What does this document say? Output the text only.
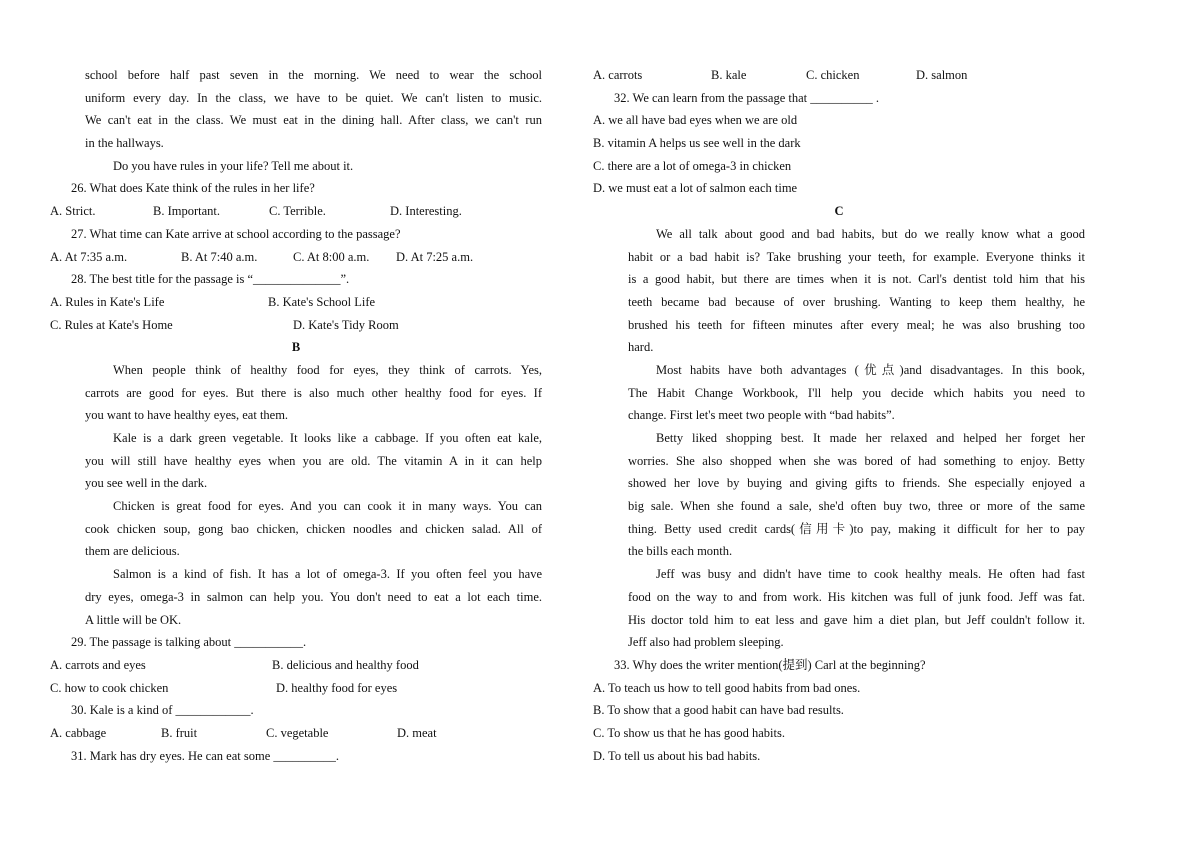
school before half past seven in the morning. We need to wear the school
uniform every day. In the class, we have to be quiet. We can't listen to music.
We can't eat in the class. We must eat in the dining hall. After class, we can't run
in the hallways.
Do you have rules in your life? Tell me about it.
26. What does Kate think of the rules in her life?
A. Strict.	B. Important.	C. Terrible.	D. Interesting.
27. What time can Kate arrive at school according to the passage?
A. At 7:35 a.m.	B. At 7:40 a.m.	C. At 8:00 a.m. D. At 7:25 a.m.
28. The best title for the passage is “______________”.
A. Rules in Kate's Life	B. Kate's School Life
C. Rules at Kate's Home	D. Kate's Tidy Room
B
When people think of healthy food for eyes, they think of carrots. Yes,
carrots are good for eyes. But there is also much other healthy food for eyes. If
you want to have healthy eyes, eat them.
Kale is a dark green vegetable. It looks like a cabbage. If you often eat kale,
you will still have healthy eyes when you are old. The vitamin A in it can help
you see well in the dark.
Chicken is great food for eyes. And you can cook it in many ways. You can
cook chicken soup, gong bao chicken, chicken noodles and chicken salad. All of
them are delicious.
Salmon is a kind of fish. It has a lot of omega-3. If you often feel you have
dry eyes, omega-3 in salmon can help you. You don't need to eat a lot each time.
A little will be OK.
29. The passage is talking about ___________.
A. carrots and eyes	B. delicious and healthy food
C. how to cook chicken	D. healthy food for eyes
30. Kale is a kind of ____________.
A. cabbage	B. fruit	C. vegetable	D. meat
31. Mark has dry eyes. He can eat some __________.
A. carrots	B. kale	C. chicken	D. salmon
32. We can learn from the passage that __________ .
A. we all have bad eyes when we are old
B. vitamin A helps us see well in the dark
C. there are a lot of omega-3 in chicken
D. we must eat a lot of salmon each time
C
We all talk about good and bad habits, but do we really know what a good
habit or a bad habit is? Take brushing your teeth, for example. Everyone thinks it
is a good habit, but there are times when it is not. Carl's dentist told him that his
teeth became bad because of over brushing. Wanting to keep them healthy, he
brushed his teeth for fifteen minutes after every meal; he was also brushing too
hard.
Most habits have both advantages (优点)and disadvantages. In this book,
The Habit Change Workbook, I'll help you decide which habits you need to
change. First let's meet two people with “bad habits”.
Betty liked shopping best. It made her relaxed and helped her forget her
worries. She also shopped when she was bored of had something to enjoy. Betty
showed her love by buying and giving gifts to friends. She especially enjoyed a
big sale. When she found a sale, she'd often buy two, three or more of the same
thing. Betty used credit cards(信用卡)to pay, making it difficult for her to pay
the bills each month.
Jeff was busy and didn't have time to cook healthy meals. He often had fast
food on the way to and from work. His kitchen was full of junk food. Jeff was fat.
His doctor told him to eat less and gave him a diet plan, but Jeff couldn't follow it.
Jeff also had problem sleeping.
33. Why does the writer mention(提到) Carl at the beginning?
A. To teach us how to tell good habits from bad ones.
B. To show that a good habit can have bad results.
C. To show us that he has good habits.
D. To tell us about his bad habits.
